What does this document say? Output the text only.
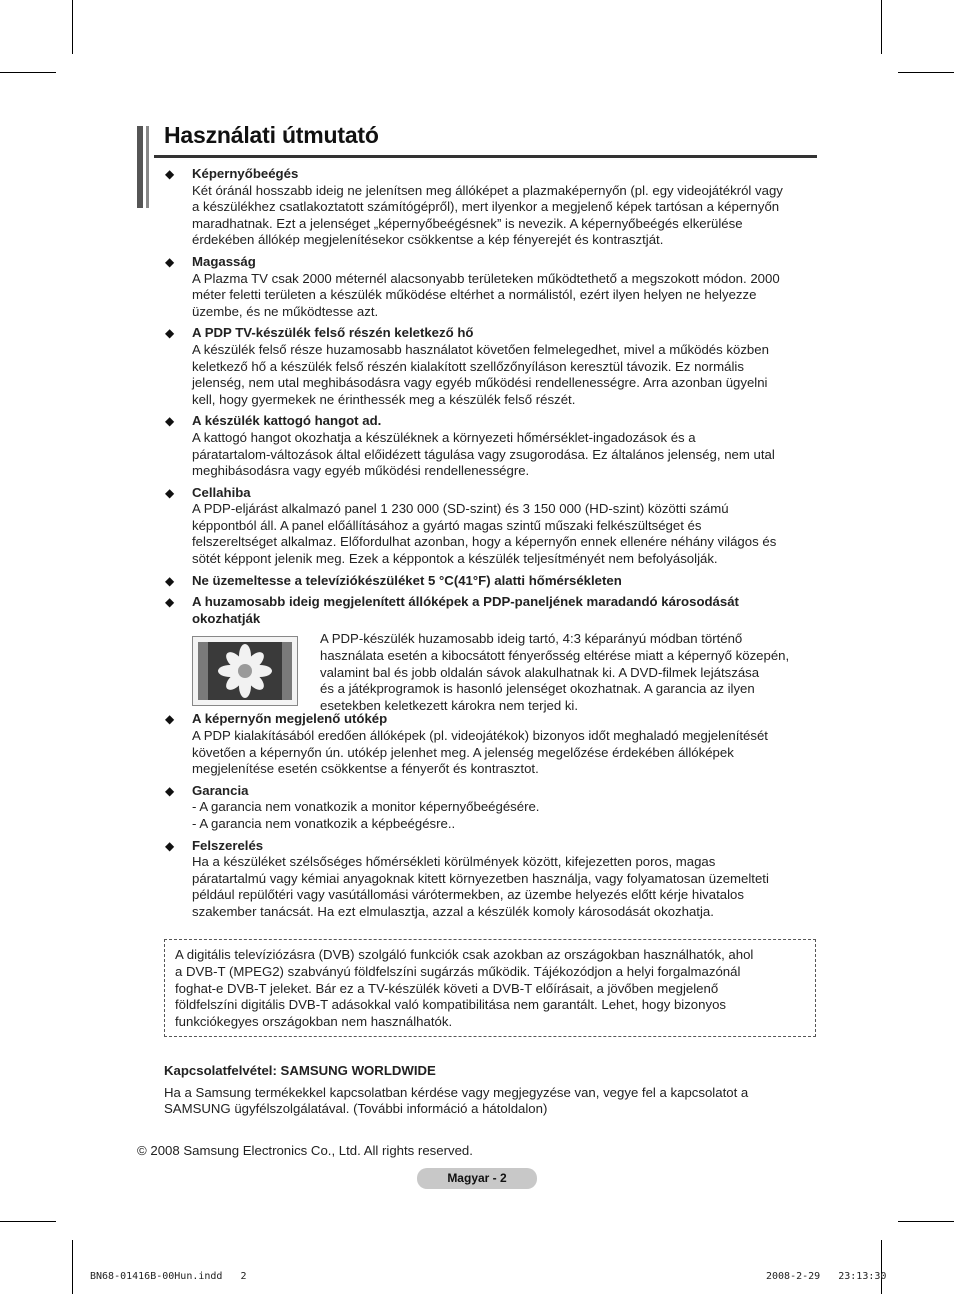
Használati útmutató
◆ Képernyőbeégés
Két óránál hosszabb ideig ne jelenítsen meg állóképet a plazmaképernyőn (pl. egy videojátékról vagy
a készülékhez csatlakoztatott számítógépről), mert ilyenkor a megjelenő képek tartósan a képernyőn
maradhatnak. Ezt a jelenséget „képernyőbeégésnek” is nevezik. A képernyőbeégés elkerülése
érdekében állókép megjelenítésekor csökkentse a kép fényerejét és kontrasztját.
◆ Magasság
A Plazma TV csak 2000 méternél alacsonyabb területeken működtethető a megszokott módon. 2000
méter feletti területen a készülék működése eltérhet a normálistól, ezért ilyen helyen ne helyezze
üzembe, és ne működtesse azt.
◆ A PDP TV-készülék felső részén keletkező hő
A készülék felső része huzamosabb használatot követően felmelegedhet, mivel a működés közben
keletkező hő a készülék felső részén kialakított szellőzőnyíláson keresztül távozik. Ez normális
jelenség, nem utal meghibásodásra vagy egyéb működési rendellenességre. Arra azonban ügyelni
kell, hogy gyermekek ne érinthessék meg a készülék felső részét.
◆ A készülék kattogó hangot ad.
A kattogó hangot okozhatja a készüléknek a környezeti hőmérséklet-ingadozások és a
páratartalom-változások által előidézett tágulása vagy zsugorodása. Ez általános jelenség, nem utal
meghibásodásra vagy egyéb működési rendellenességre.
◆ Cellahiba
A PDP-eljárást alkalmazó panel 1 230 000 (SD-szint) és 3 150 000 (HD-szint) közötti számú
képpontból áll. A panel előállításához a gyártó magas szintű műszaki felkészültséget és
felszereltséget alkalmaz. Előfordulhat azonban, hogy a képernyőn ennek ellenére néhány világos és
sötét képpont jelenik meg. Ezek a képpontok a készülék teljesítményét nem befolyásolják.
◆ Ne üzemeltesse a televíziókészüléket 5 °C(41°F) alatti hőmérsékleten
◆ A huzamosabb ideig megjelenített állóképek a PDP-paneljének maradandó károsodását
okozhatják
A PDP-készülék huzamosabb ideig tartó, 4:3 képarányú módban történő
használata esetén a kibocsátott fényerősség eltérése miatt a képernyő közepén,
valamint bal és jobb oldalán sávok alakulhatnak ki. A DVD-filmek lejátszása
és a játékprogramok is hasonló jelenséget okozhatnak. A garancia az ilyen
esetekben keletkezett károkra nem terjed ki.
◆ A képernyőn megjelenő utókép
A PDP kialakításából eredően állóképek (pl. videojátékok) bizonyos időt meghaladó megjelenítését
követően a képernyőn ún. utókép jelenhet meg. A jelenség megelőzése érdekében állóképek
megjelenítése esetén csökkentse a fényerőt és kontrasztot.
◆ Garancia
- A garancia nem vonatkozik a monitor képernyőbeégésére.
- A garancia nem vonatkozik a képbeégésre..
◆ Felszerelés
Ha a készüléket szélsőséges hőmérsékleti körülmények között, kifejezetten poros, magas
páratartalmú vagy kémiai anyagoknak kitett környezetben használja, vagy folyamatosan üzemelteti
például repülőtéri vagy vasútállomási várótermekben, az üzembe helyezés előtt kérje hivatalos
szakember tanácsát. Ha ezt elmulasztja, azzal a készülék komoly károsodását okozhatja.
A digitális televíziózásra (DVB) szolgáló funkciók csak azokban az országokban használhatók, ahol
a DVB-T (MPEG2) szabványú földfelszíni sugárzás működik. Tájékozódjon a helyi forgalmazónál
foghat-e DVB-T jeleket. Bár ez a TV-készülék követi a DVB-T előírásait, a jövőben megjelenő
földfelszíni digitális DVB-T adásokkal való kompatibilitása nem garantált. Lehet, hogy bizonyos
funkciókegyes országokban nem használhatók.
Kapcsolatfelvétel: SAMSUNG WORLDWIDE
Ha a Samsung termékekkel kapcsolatban kérdése vagy megjegyzése van, vegye fel a kapcsolatot a
SAMSUNG ügyfélszolgálatával. (További információ a hátoldalon)
© 2008 Samsung Electronics Co., Ltd. All rights reserved.
Magyar - 2
BN68-01416B-00Hun.indd   2	2008-2-29   23:13:30
